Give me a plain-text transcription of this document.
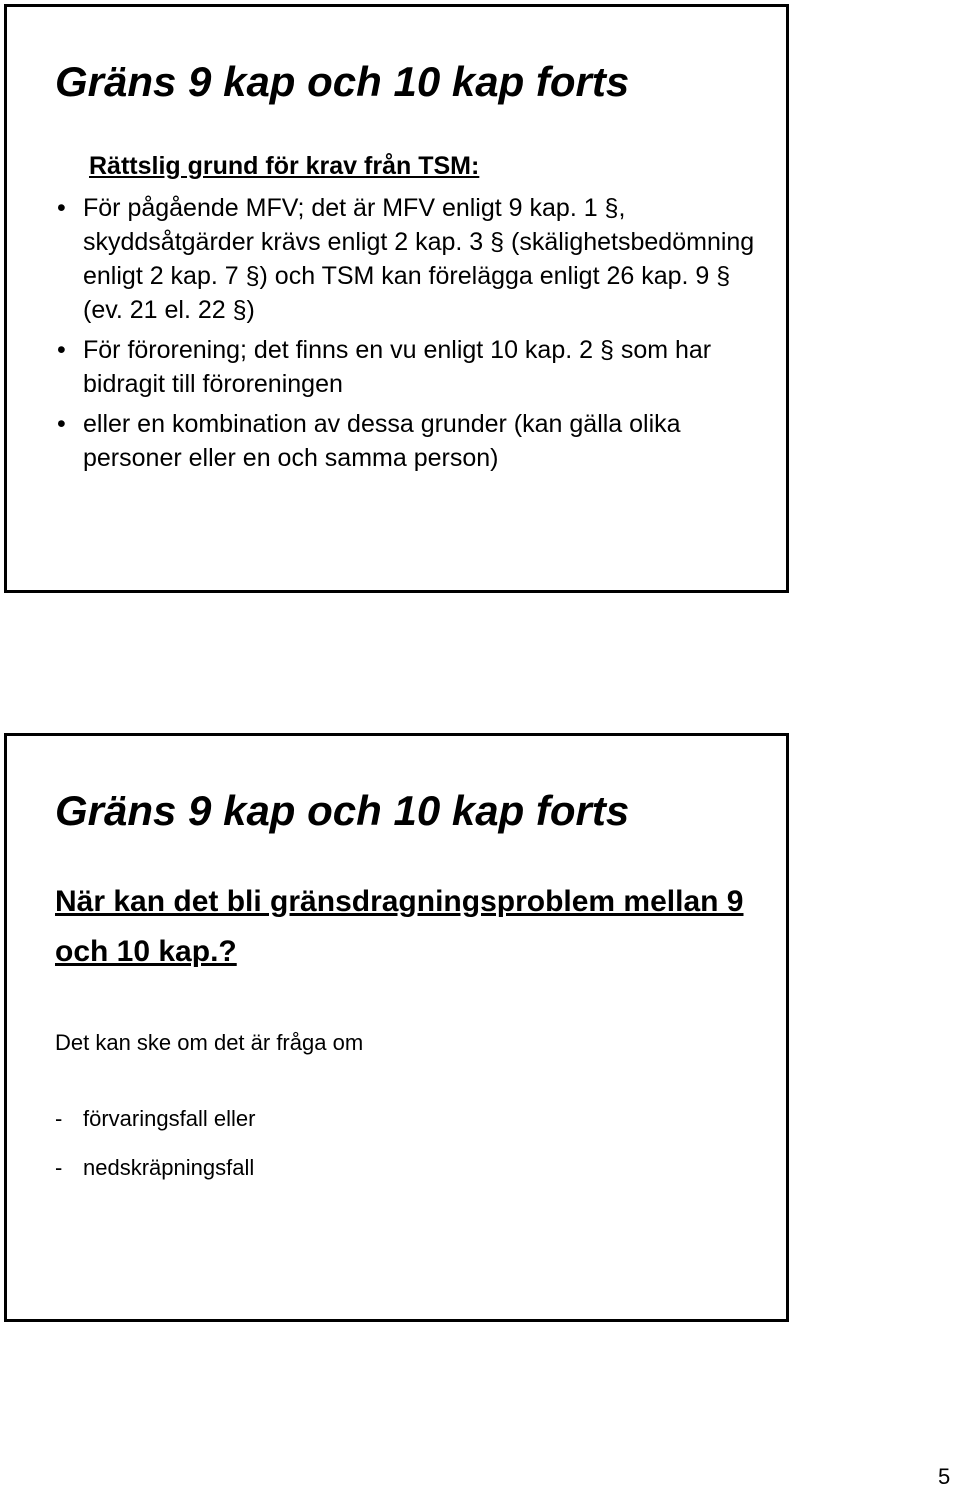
Gräns 9 kap och 10 kap forts
Rättslig grund för krav från TSM:
• För pågående MFV; det är MFV enligt 9 kap. 1 §, skyddsåtgärder krävs enligt 2 kap. 3 § (skälighetsbedömning enligt 2 kap. 7 §) och TSM kan förelägga enligt 26 kap. 9 § (ev. 21 el. 22 §)
• För förorening; det finns en vu enligt 10 kap. 2 § som har bidragit till föroreningen
• eller en kombination av dessa grunder (kan gälla olika personer eller en och samma person)
Gräns 9 kap och 10 kap forts

När kan det bli gränsdragningsproblem mellan 9 och 10 kap.?

Det kan ske om det är fråga om

- förvaringsfall eller

- nedskräpningsfall

5
